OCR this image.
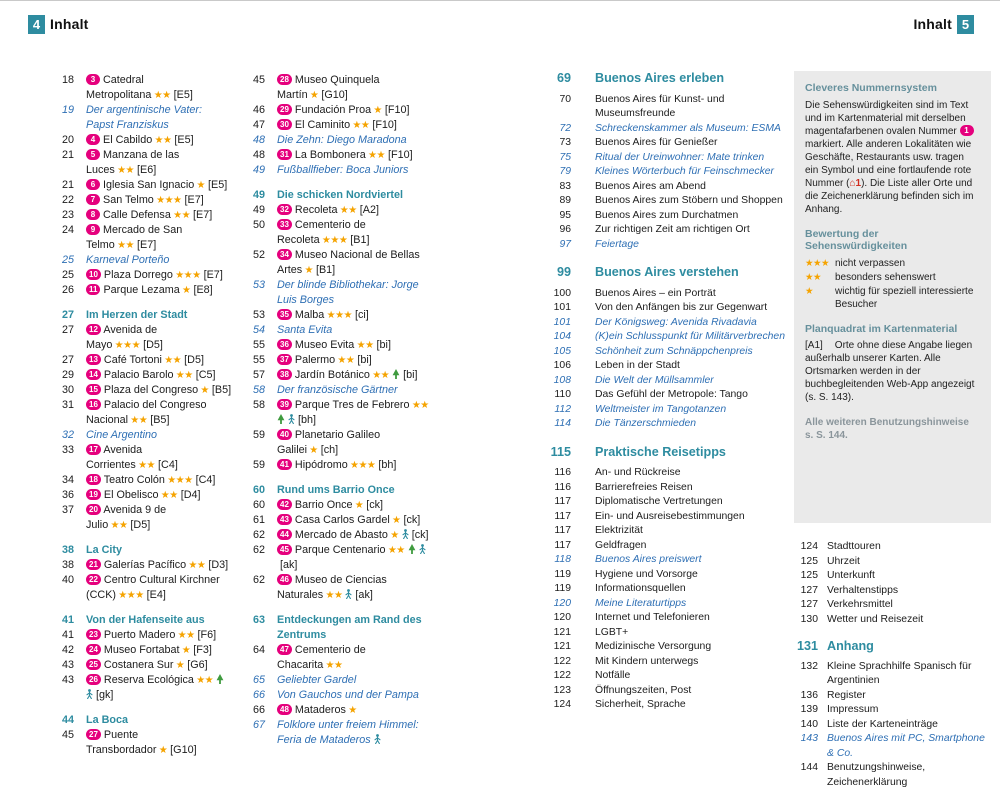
4 Inhalt	Inhalt 5
18	3 Catedral Metropolitana ★★ [E5]
19 Der argentinische Vater: Papst Franziskus
20	4 El Cabildo ★★ [E5]
21	5 Manzana de las Luces ★★ [E6]
21	6 Iglesia San Ignacio ★ [E5]
22	7 San Telmo ★★★ [E7]
23	8 Calle Defensa ★★ [E7]
24	9 Mercado de San Telmo ★★ [E7]
25 Karneval Porteño
25	10 Plaza Dorrego ★★★ [E7]
26	11 Parque Lezama ★ [E8]
27 Im Herzen der Stadt
27	12 Avenida de Mayo ★★★ [D5]
27	13 Café Tortoni ★★ [D5]
29	14 Palacio Barolo ★★ [C5]
30	15 Plaza del Congreso ★ [B5]
31	16 Palacio del Congreso Nacional ★★ [B5]
32 Cine Argentino
33	17 Avenida Corrientes ★★ [C4]
34	18 Teatro Colón ★★★ [C4]
36	19 El Obelisco ★★ [D4]
37	20 Avenida 9 de Julio ★★ [D5]
38 La City
38	21 Galerías Pacífico ★★ [D3]
40	22 Centro Cultural Kirchner (CCK) ★★★ [E4]
41 Von der Hafenseite aus
41	23 Puerto Madero ★★ [F6]
42	24 Museo Fortabat ★ [F3]
43	25 Costanera Sur ★ [G6]
43	26 Reserva Ecológica ★★   [gk]
44 La Boca
45	27 Puente Transbordador ★ [G10]
45	28 Museo Quinquela Martín ★ [G10]
46	29 Fundación Proa ★ [F10]
47	30 El Caminito ★★ [F10]
48 Die Zehn: Diego Maradona
48	31 La Bombonera ★★ [F10]
49 Fußballfieber: Boca Juniors
49 Die schicken Nordviertel
49	32 Recoleta ★★ [A2]
50	33 Cementerio de Recoleta ★★★ [B1]
52	34 Museo Nacional de Bellas Artes ★ [B1]
53 Der blinde Bibliothekar: Jorge Luis Borges
53	35 Malba ★★★ [ci]
54 Santa Evita
55	36 Museo Evita ★★ [bi]
55	37 Palermo ★★ [bi]
57	38 Jardín Botánico ★★  [bi]
58 Der französische Gärtner
58	39 Parque Tres de Febrero ★★   [bh]
59	40 Planetario Galileo Galilei ★ [ch]
59	41 Hipódromo ★★★ [bh]
60 Rund ums Barrio Once
60	42 Barrio Once ★ [ck]
61	43 Casa Carlos Gardel ★ [ck]
62	44 Mercado de Abasto ★  [ck]
62	45 Parque Centenario ★★   [ak]
62	46 Museo de Ciencias Naturales ★★  [ak]
63 Entdeckungen am Rand des Zentrums
64	47 Cementerio de Chacarita ★★
65 Geliebter Gardel
66 Von Gauchos und der Pampa
66	48 Mataderos ★
67 Folklore unter freiem Himmel: Feria de Mataderos
69 Buenos Aires erleben
70 Buenos Aires für Kunst- und Museumsfreunde
72 Schreckenskammer als Museum: ESMA
73 Buenos Aires für Genießer
75 Ritual der Ureinwohner: Mate trinken
79 Kleines Wörterbuch für Feinschmecker
83 Buenos Aires am Abend
89 Buenos Aires zum Stöbern und Shoppen
95 Buenos Aires zum Durchatmen
96 Zur richtigen Zeit am richtigen Ort
97 Feiertage
99 Buenos Aires verstehen
100 Buenos Aires – ein Porträt
101 Von den Anfängen bis zur Gegenwart
101 Der Königsweg: Avenida Rivadavia
104 (K)ein Schlusspunkt für Militärverbrechen
105 Schönheit zum Schnäppchenpreis
106 Leben in der Stadt
108 Die Welt der Müllsammler
110 Das Gefühl der Metropole: Tango
112 Weltmeister im Tangotanzen
114 Die Tänzerschmieden
115 Praktische Reisetipps
116 An- und Rückreise
116 Barrierefreies Reisen
117 Diplomatische Vertretungen
117 Ein- und Ausreisebestimmungen
117 Elektrizität
117 Geldfragen
118 Buenos Aires preiswert
119 Hygiene und Vorsorge
119 Informationsquellen
120 Meine Literaturtipps
120 Internet und Telefonieren
121 LGBT+
121 Medizinische Versorgung
122 Mit Kindern unterwegs
122 Notfälle
123 Öffnungszeiten, Post
124 Sicherheit, Sprache
Cleveres Nummernsystem

Die Sehenswürdigkeiten sind im Text und im Kartenmaterial mit derselben magentafarbenen ovalen Nummer 1 markiert. Alle anderen Lokalitäten wie Geschäfte, Restaurants usw. tragen ein Symbol und eine fortlaufende rote Nummer (⌂1). Die Liste aller Orte und die Zeichenerklärung befinden sich im Anhang.

Bewertung der Sehenswürdigkeiten
★★★ nicht verpassen
★★	besonders sehenswert
★	wichtig für speziell interessierte Besucher
Planquadrat im Kartenmaterial

[A1] Orte ohne diese Angabe liegen außerhalb unserer Karten. Alle Ortsmarken werden in der buchbegleitenden Web-App angezeigt (s. S. 143).

Alle weiteren Benutzungshinweise s. S. 144.

124 Stadttouren
125 Uhrzeit
125 Unterkunft
127 Verhaltenstipps
127 Verkehrsmittel
130 Wetter und Reisezeit
131 Anhang
132 Kleine Sprachhilfe Spanisch für Argentinien
136 Register
139 Impressum
140 Liste der Karteneinträge
143 Buenos Aires mit PC, Smartphone & Co.
144 Benutzungshinweise, Zeichenerklärung
